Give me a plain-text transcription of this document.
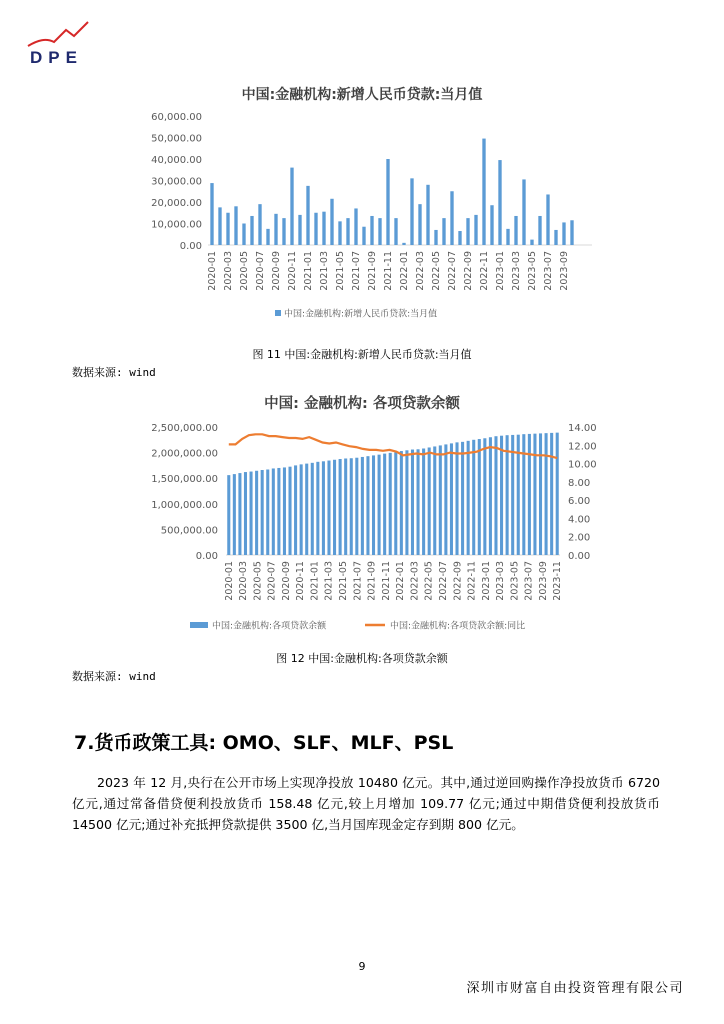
DPE
中国:金融机构:新增人民币贷款:当月值
0.00
10,000.00
20,000.00
30,000.00
40,000.00
50,000.00
60,000.00
2020-01 2020-03 2020-05 2020-07 2020-09 2020-11 2021-01 2021-03 2021-05 2021-07 2021-09 2021-11 2022-01 2022-03 2022-05 2022-07 2022-09 2022-11 2023-01 2023-03 2023-05 2023-07 2023-09
中国:金融机构:新增人民币贷款:当月值
图 11 中国:金融机构:新增人民币贷款:当月值
数据来源: wind
中国: 金融机构: 各项贷款余额
0.00
500,000.00
1,000,000.00
1,500,000.00
2,000,000.00
2,500,000.00
0.00
2.00
4.00
6.00
8.00
10.00
12.00
14.00
2020-01 2020-03 2020-05 2020-07 2020-09 2020-11 2021-01 2021-03 2021-05 2021-07 2021-09 2021-11 2022-01 2022-03 2022-05 2022-07 2022-09 2022-11 2023-01 2023-03 2023-05 2023-07 2023-09 2023-11
中国:金融机构:各项贷款余额	中国:金融机构:各项贷款余额:同比
图 12 中国:金融机构:各项贷款余额
数据来源: wind
7.货币政策工具: OMO、SLF、MLF、PSL
2023 年 12 月,央行在公开市场上实现净投放 10480 亿元。其中,通过逆回购操作净投放货币 6720 亿元,通过常备借贷便利投放货币 158.48 亿元,较上月增加 109.77 亿元;通过中期借贷便利投放货币 14500 亿元;通过补充抵押贷款提供 3500 亿,当月国库现金定存到期 800 亿元。
9
深圳市财富自由投资管理有限公司
